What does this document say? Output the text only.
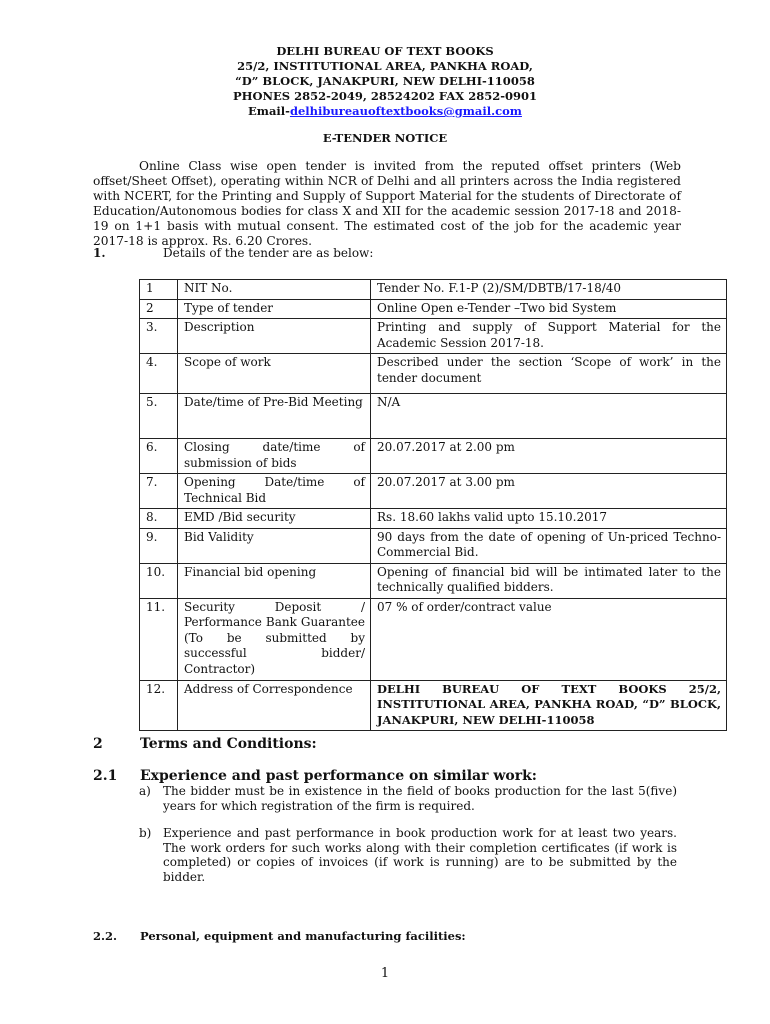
DELHI BUREAU OF TEXT BOOKS
25/2, INSTITUTIONAL AREA, PANKHA ROAD,
“D” BLOCK, JANAKPURI, NEW DELHI-110058
PHONES 2852-2049, 28524202 FAX 2852-0901
Email-delhibureauoftextbooks@gmail.com
E-TENDER NOTICE
Online Class wise open tender is invited from the reputed offset printers (Web offset/Sheet Offset), operating within NCR of Delhi and all printers across the India registered with NCERT, for the Printing and Supply of Support Material for the students of Directorate of Education/Autonomous bodies for class X and XII for the academic session 2017-18 and 2018-19 on 1+1 basis with mutual consent. The estimated cost of the job for the academic year 2017-18 is approx. Rs. 6.20 Crores.
1.	Details of the tender are as below:
1	NIT No.	Tender No. F.1-P (2)/SM/DBTB/17-18/40
2	Type of tender	Online Open e-Tender –Two bid System
3.	Description	Printing and supply of Support Material for the Academic Session 2017-18.
4.	Scope of work	Described under the section ‘Scope of work’ in the tender document
5.	Date/time of Pre-Bid Meeting	N/A
6.	Closing date/time of submission of bids	20.07.2017 at 2.00 pm
7.	Opening Date/time of Technical Bid	20.07.2017 at 3.00 pm
8.	EMD /Bid security	Rs. 18.60 lakhs valid upto 15.10.2017
9.	Bid Validity	90 days from the date of opening of Un-priced Techno-Commercial Bid.
10.	Financial bid opening	Opening of financial bid will be intimated later to the technically qualified bidders.
11.	Security Deposit / Performance Bank Guarantee (To be submitted by successful bidder/ Contractor)	07 % of order/contract value
12.	Address of Correspondence	DELHI BUREAU OF TEXT BOOKS 25/2, INSTITUTIONAL AREA, PANKHA ROAD, “D” BLOCK, JANAKPURI, NEW DELHI-110058
2	Terms and Conditions:
2.1 Experience and past performance on similar work:
a) The bidder must be in existence in the field of books production for the last 5(five) years for which registration of the firm is required.
b) Experience and past performance in book production work for at least two years. The work orders for such works along with their completion certificates (if work is completed) or copies of invoices (if work is running) are to be submitted by the bidder.
2.2. Personal, equipment and manufacturing facilities:
1
